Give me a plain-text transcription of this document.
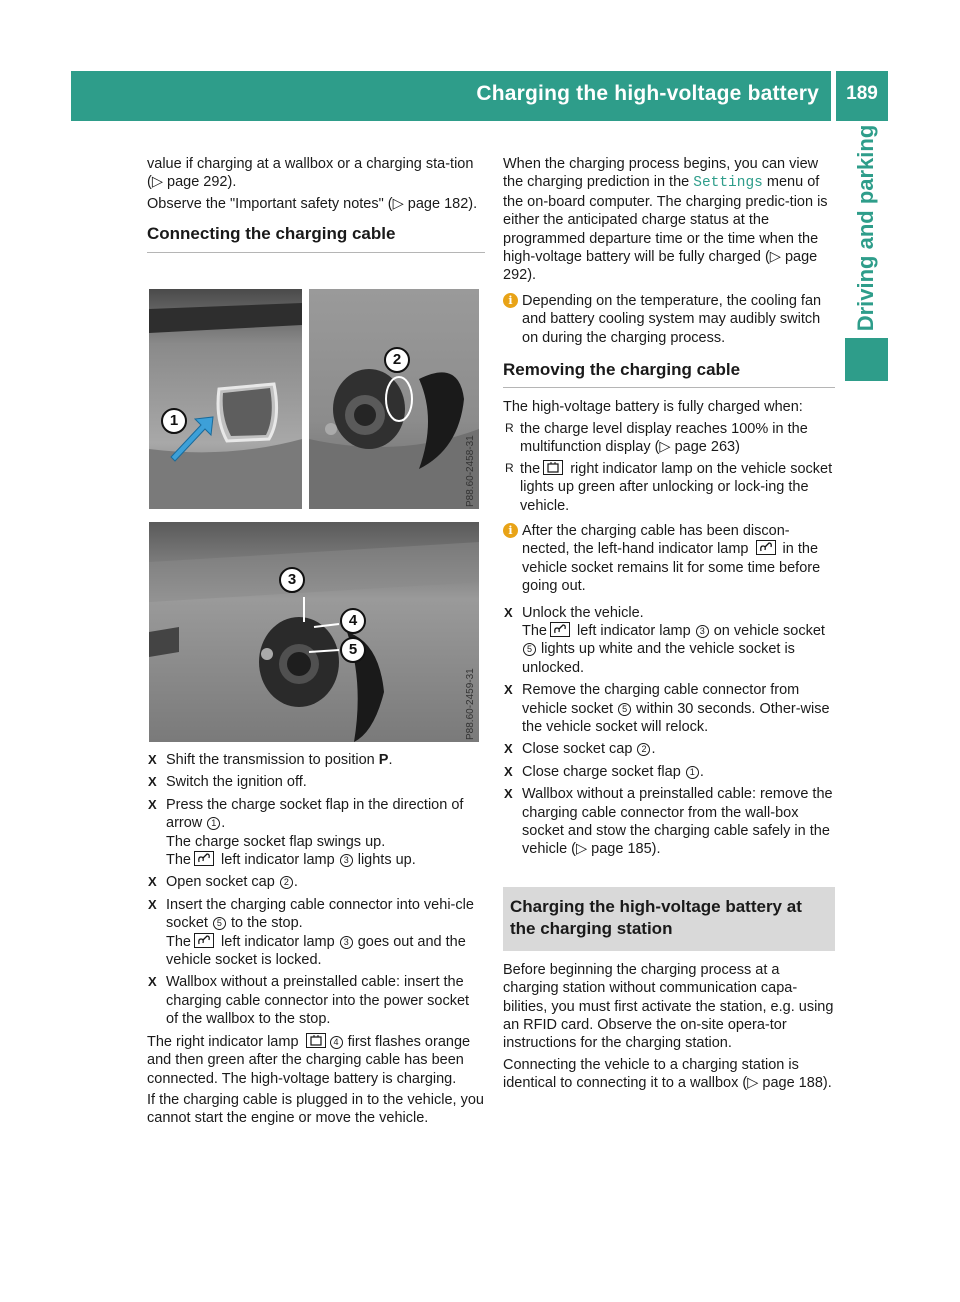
Charging the high-voltage battery	189
Driving and parking

value if charging at a wallbox or a charging sta-tion (▷ page 292).

Observe the "Important safety notes" (▷ page 182).

Connecting the charging cable
1
2
P88.60-2458-31
3
4
5
P88.60-2459-31
X Shift the transmission to position P.
X Switch the ignition off.
X Press the charge socket flap in the direction of arrow 1 .
The charge socket flap swings up.
The
left indicator lamp 3 lights up.
X Open socket cap 2 .
X Insert the charging cable connector into vehi-cle socket 5 to the stop.
The
left indicator lamp 3 goes out and the vehicle socket is locked.
X Wallbox without a preinstalled cable: insert the charging cable connector into the power socket of the wallbox to the stop.

The right indicator lamp	4 first flashes orange and then green after the charging cable has been connected. The high-voltage battery is charging.

If the charging cable is plugged in to the vehicle, you cannot start the engine or move the vehicle.

When the charging process begins, you can view the charging prediction in the Settings menu of the on-board computer. The charging predic-tion is either the anticipated charge status at the programmed departure time or the time when the high-voltage battery will be fully charged (▷ page 292).

i Depending on the temperature, the cooling fan and battery cooling system may audibly switch on during the charging process.
Removing the charging cable

The high-voltage battery is fully charged when:

R the charge level display reaches 100% in the multifunction display (▷ page 263)
R the
right indicator lamp on the vehicle socket lights up green after unlocking or lock-ing the vehicle.
i After the charging cable has been discon-nected, the left-hand indicator lamp
in the vehicle socket remains lit for some time before going out.
X Unlock the vehicle.
The
left indicator lamp 3 on vehicle socket 5 lights up white and the vehicle socket is unlocked.
X Remove the charging cable connector from vehicle socket 5 within 30 seconds. Other-wise the vehicle socket will relock.
X Close socket cap 2 .
X Close charge socket flap 1 .
X Wallbox without a preinstalled cable: remove the charging cable connector from the wall-box socket and stow the charging cable safely in the vehicle (▷ page 185).
Charging the high-voltage battery at the charging station

Before beginning the charging process at a charging station without communication capa-bilities, you must first activate the station, e.g. using an RFID card. Observe the on-site opera-tor instructions for the charging station.

Connecting the vehicle to a charging station is identical to connecting it to a wallbox (▷ page 188).
